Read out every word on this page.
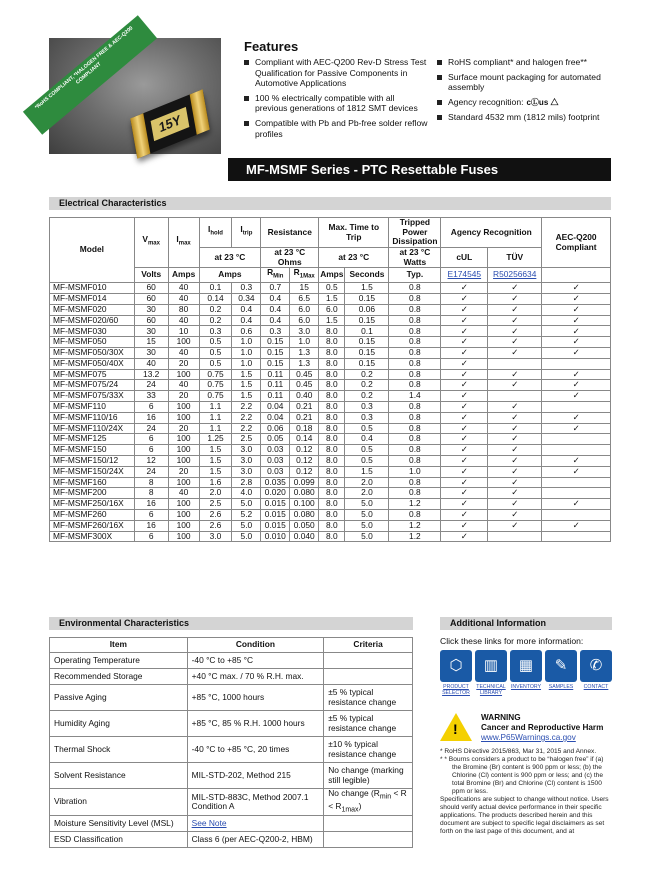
*RoHS COMPLIANT, *HALOGEN FREE & AEC-Q200 COMPLIANT
15Y
Features
Compliant with AEC-Q200 Rev-D Stress Test Qualification for Passive Components in Automotive Applications
100 % electrically compatible with all previous generations of 1812 SMT devices
Compatible with Pb and Pb-free solder reflow profiles
RoHS compliant* and halogen free**
Surface mount packaging for automated assembly
Agency recognition: cⓁus △
Standard 4532 mm (1812 mils) footprint
MF-MSMF Series - PTC Resettable Fuses
Electrical Characteristics
Model	$V_{max}$	$I_{max}$	$I_{hold}$	$I_{trip}$	Resistance		Max. Time to Trip		Tripped Power Dissipation	Agency Recognition		AEC-Q200 Compliant
			at 23 °C		at 23 °C Ohms		at 23 °C		at 23 °C Watts	cUL	TÜV	
	Volts	Amps	Amps		$R_{Min}$	$R_{1Max}$	Amps	Seconds	Typ.	E174545	R50256634	
MF-MSMF010	60	40	0.1	0.3	0.7	15	0.5	1.5	0.8	✓	✓	✓
MF-MSMF014	60	40	0.14	0.34	0.4	6.5	1.5	0.15	0.8	✓	✓	✓
MF-MSMF020	30	80	0.2	0.4	0.4	6.0	6.0	0.06	0.8	✓	✓	✓
MF-MSMF020/60	60	40	0.2	0.4	0.4	6.0	1.5	0.15	0.8	✓	✓	✓
MF-MSMF030	30	10	0.3	0.6	0.3	3.0	8.0	0.1	0.8	✓	✓	✓
MF-MSMF050	15	100	0.5	1.0	0.15	1.0	8.0	0.15	0.8	✓	✓	✓
MF-MSMF050/30X	30	40	0.5	1.0	0.15	1.3	8.0	0.15	0.8	✓	✓	✓
MF-MSMF050/40X	40	20	0.5	1.0	0.15	1.3	8.0	0.15	0.8	✓		
MF-MSMF075	13.2	100	0.75	1.5	0.11	0.45	8.0	0.2	0.8	✓	✓	✓
MF-MSMF075/24	24	40	0.75	1.5	0.11	0.45	8.0	0.2	0.8	✓	✓	✓
MF-MSMF075/33X	33	20	0.75	1.5	0.11	0.40	8.0	0.2	1.4	✓		✓
MF-MSMF110	6	100	1.1	2.2	0.04	0.21	8.0	0.3	0.8	✓	✓	
MF-MSMF110/16	16	100	1.1	2.2	0.04	0.21	8.0	0.3	0.8	✓	✓	✓
MF-MSMF110/24X	24	20	1.1	2.2	0.06	0.18	8.0	0.5	0.8	✓	✓	✓
MF-MSMF125	6	100	1.25	2.5	0.05	0.14	8.0	0.4	0.8	✓	✓	
MF-MSMF150	6	100	1.5	3.0	0.03	0.12	8.0	0.5	0.8	✓	✓	
MF-MSMF150/12	12	100	1.5	3.0	0.03	0.12	8.0	0.5	0.8	✓	✓	✓
MF-MSMF150/24X	24	20	1.5	3.0	0.03	0.12	8.0	1.5	1.0	✓	✓	✓
MF-MSMF160	8	100	1.6	2.8	0.035	0.099	8.0	2.0	0.8	✓	✓	
MF-MSMF200	8	40	2.0	4.0	0.020	0.080	8.0	2.0	0.8	✓	✓	
MF-MSMF250/16X	16	100	2.5	5.0	0.015	0.100	8.0	5.0	1.2	✓	✓	✓
MF-MSMF260	6	100	2.6	5.2	0.015	0.080	8.0	5.0	0.8	✓	✓	
MF-MSMF260/16X	16	100	2.6	5.0	0.015	0.050	8.0	5.0	1.2	✓	✓	✓
MF-MSMF300X	6	100	3.0	5.0	0.010	0.040	8.0	5.0	1.2	✓		
Environmental Characteristics
Item	Condition	Criteria
Operating Temperature	-40 °C to +85 °C	
Recommended Storage	+40 °C max. / 70 % R.H. max.	
Passive Aging	+85 °C, 1000 hours	±5 % typical resistance change
Humidity Aging	+85 °C, 85 % R.H. 1000 hours	±5 % typical resistance change
Thermal Shock	-40 °C to +85 °C, 20 times	±10 % typical resistance change
Solvent Resistance	MIL-STD-202, Method 215	No change (marking still legible)
Vibration	MIL-STD-883C, Method 2007.1 Condition A	No change $(R_{min} < R < R_{1max})$
Moisture Sensitivity Level (MSL)	See Note	
ESD Classification	Class 6 (per AEC-Q200-2, HBM)	
Additional Information
Click these links for more information:
⬡
PRODUCT SELECTOR
▥
TECHNICAL LIBRARY
▦
INVENTORY
✎
SAMPLES
✆
CONTACT
!
WARNING
Cancer and Reproductive Harm
www.P65Warnings.ca.gov

* RoHS Directive 2015/863, Mar 31, 2015 and Annex.

* * Bourns considers a product to be “halogen free” if (a) the Bromine (Br) content is 900 ppm or less; (b) the Chlorine (Cl) content is 900 ppm or less; and (c) the total Bromine (Br) and Chlorine (Cl) content is 1500 ppm or less.

Specifications are subject to change without notice. Users should verify actual device performance in their specific applications. The products described herein and this document are subject to specific legal disclaimers as set forth on the last page of this document, and at
